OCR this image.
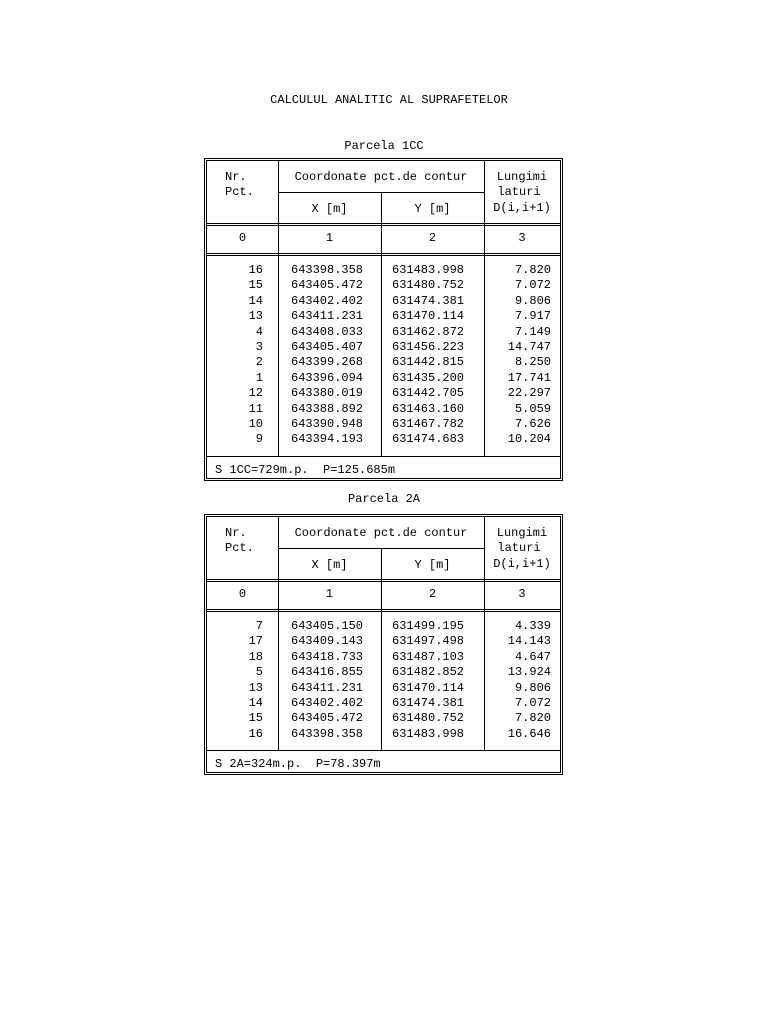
CALCULUL ANALITIC AL SUPRAFETELOR
Parcela 1CC
Nr.
Pct.
Coordonate pct.de contur
X [m]	Y [m]
Lungimi
laturi
D(i,i+1)
0	1	2	3
16 643398.358 631483.998	7.820
15 643405.472 631480.752	7.072
14 643402.402 631474.381	9.806
13 643411.231 631470.114	7.917
4 643408.033 631462.872	7.149
3 643405.407 631456.223	14.747
2 643399.268 631442.815	8.250
1 643396.094 631435.200	17.741
12 643380.019 631442.705	22.297
11 643388.892 631463.160	5.059
10 643390.948 631467.782	7.626
9 643394.193 631474.683	10.204
S 1CC=729m.p.  P=125.685m
Parcela 2A
Nr.
Pct.
Coordonate pct.de contur
X [m]	Y [m]
Lungimi
laturi
D(i,i+1)
0	1	2	3
7 643405.150 631499.195	4.339
17 643409.143 631497.498	14.143
18 643418.733 631487.103	4.647
5 643416.855 631482.852	13.924
13 643411.231 631470.114	9.806
14 643402.402 631474.381	7.072
15 643405.472 631480.752	7.820
16 643398.358 631483.998	16.646
S 2A=324m.p.  P=78.397m
